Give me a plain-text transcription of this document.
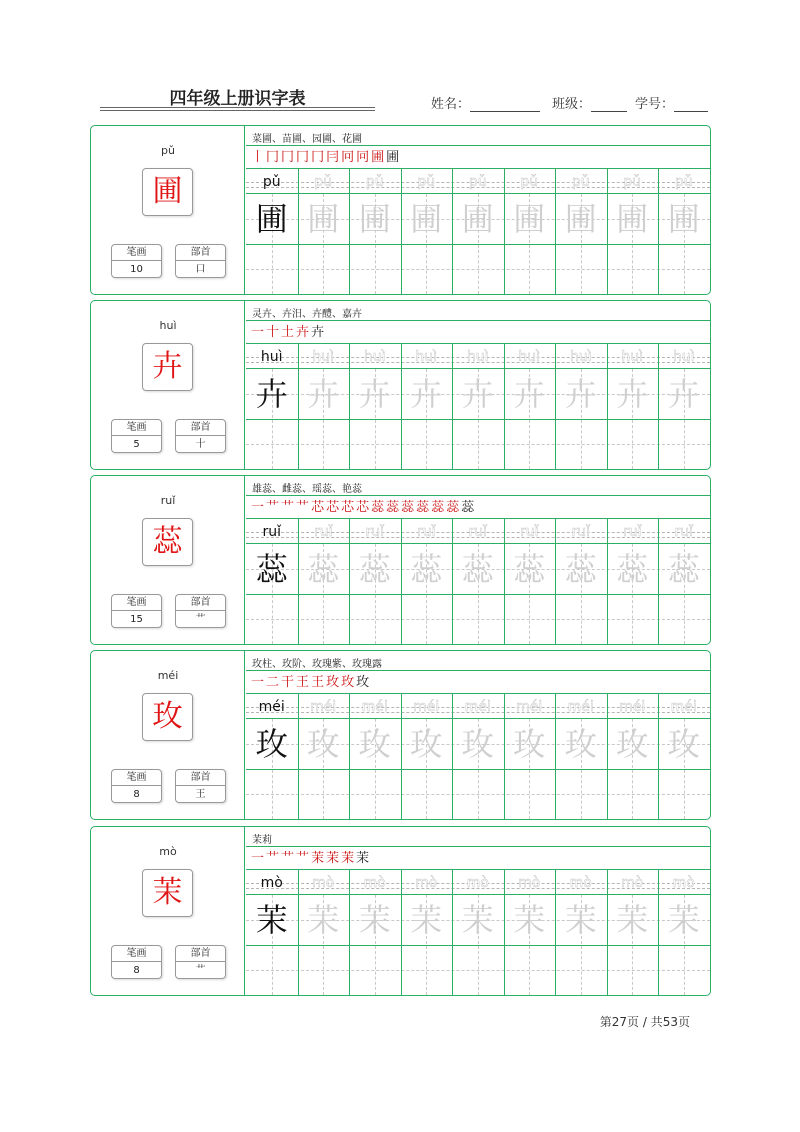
四年级上册识字表	姓名：	班级：	学号：
pǔ
圃
笔画
10
部首
口
菜圃、苗圃、园圃、花圃
丨 冂 冂 冂 冂 冃 冋 冋 圃 圃
pǔ	pǔ	pǔ	pǔ	pǔ	pǔ	pǔ	pǔ	pǔ
圃 圃 圃 圃 圃 圃 圃 圃 圃
huì
卉
笔画
5
部首
十
灵卉、卉汨、卉醴、嘉卉
一 十 土 卉 卉
huì	huì	huì	huì	huì	huì	huì	huì	huì
卉 卉 卉 卉 卉 卉 卉 卉 卉
ruǐ
蕊
笔画
15
部首
艹
雄蕊、雌蕊、瑶蕊、艳蕊
一 艹 艹 艹 芯 芯 芯 芯 蕊 蕊 蕊 蕊 蕊 蕊 蕊
ruǐ	ruǐ	ruǐ	ruǐ	ruǐ	ruǐ	ruǐ	ruǐ	ruǐ
蕊 蕊 蕊 蕊 蕊 蕊 蕊 蕊 蕊
méi
玫
笔画
8
部首
王
玫柱、玫阶、玫瑰紫、玫瑰露
一 二 干 王 王 玫 玫 玫
méi	méi	méi	méi	méi	méi	méi	méi	méi
玫 玫 玫 玫 玫 玫 玫 玫 玫
mò
茉
笔画
8
部首
艹
茉莉
一 艹 艹 艹 茉 茉 茉 茉
mò	mò	mò	mò	mò	mò	mò	mò	mò
茉 茉 茉 茉 茉 茉 茉 茉 茉
第27页 / 共53页
